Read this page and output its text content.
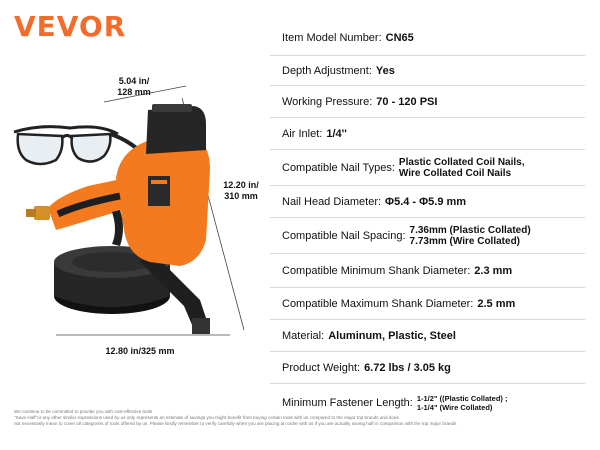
VEVOR
5.04 in/
128 mm
12.20 in/
310 mm
12.80 in/325 mm
Item Model Number: CN65
Depth Adjustment: Yes
Working Pressure: 70 - 120 PSI
Air Inlet: 1/4''
Compatible Nail Types: Plastic Collated Coil Nails,
Wire Collated Coil Nails
Nail Head Diameter: Φ5.4 - Φ5.9 mm
Compatible Nail Spacing: 7.36mm (Plastic Collated)
7.73mm (Wire Collated)
Compatible Minimum Shank Diameter: 2.3 mm
Compatible Maximum Shank Diameter: 2.5 mm
Material: Aluminum, Plastic, Steel
Product Weight: 6.72 lbs / 3.05 kg
Minimum Fastener Length: 1-1/2" ((Plastic Collated) ;
1-1/4" (Wire Collated)
We continue to be committed to provide you with cost-effective tools
"Save Half"or any other similar expressions used by us only represents an estimate of savings you might benefit from buying certain tools with us compared to the major top brands and does
not necessarily mean to cover all categories of tools offered by us. Please kindly remember to verify carefully when you are placing an order with us if you are actually saving half in comparison with the top major brands
